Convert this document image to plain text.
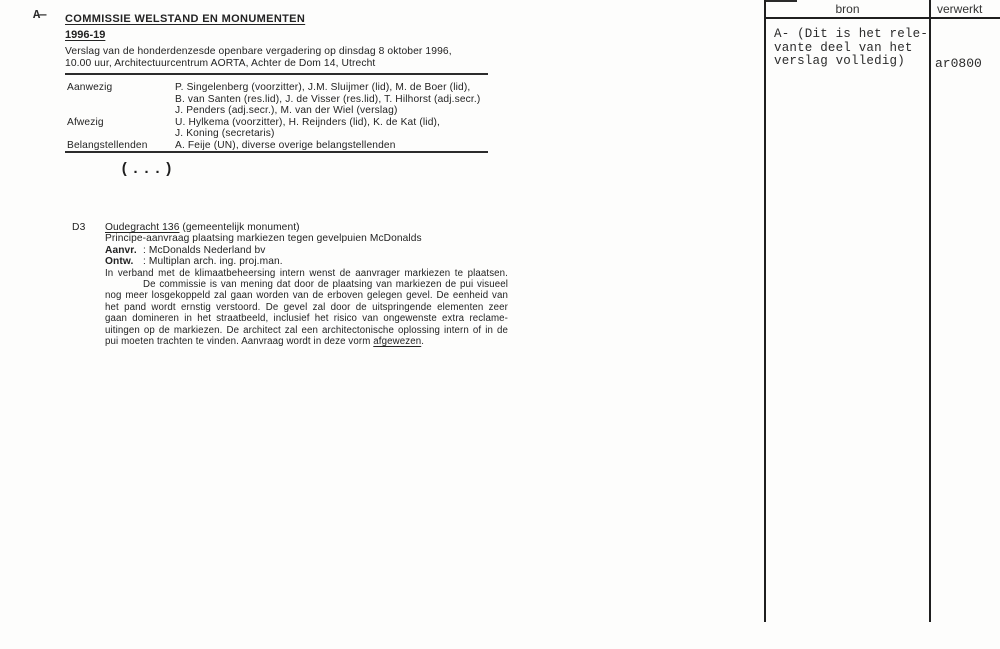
A— COMMISSIE WELSTAND EN MONUMENTEN
1996-19
Verslag van de honderdenzesde openbare vergadering op dinsdag 8 oktober 1996,
10.00 uur, Architectuurcentrum AORTA, Achter de Dom 14, Utrecht
Aanwezig	P. Singelenberg (voorzitter), J.M. Sluijmer (lid), M. de Boer (lid),
B. van Santen (res.lid), J. de Visser (res.lid), T. Hilhorst (adj.secr.)
J. Penders (adj.secr.), M. van der Wiel (verslag)
Afwezig	U. Hylkema (voorzitter), H. Reijnders (lid), K. de Kat (lid),
J. Koning (secretaris)
Belangstellenden	A. Feije (UN), diverse overige belangstellenden
(...)
D3 Oudegracht 136 (gemeentelijk monument)
Principe-aanvraag plaatsing markiezen tegen gevelpuien McDonalds
Aanvr. : McDonalds Nederland bv
Ontw. : Multiplan arch. ing. proj.man.
In verband met de klimaatbeheersing intern wenst de aanvrager markiezen te plaatsen.
De commissie is van mening dat door de plaatsing van markiezen de pui visueel
nog meer losgekoppeld zal gaan worden van de erboven gelegen gevel. De eenheid van
het pand wordt ernstig verstoord. De gevel zal door de uitspringende elementen zeer
gaan domineren in het straatbeeld, inclusief het risico van ongewenste extra reclame-
uitingen op de markiezen. De architect zal een architectonische oplossing intern of in de
pui moeten trachten te vinden. Aanvraag wordt in deze vorm afgewezen.
bron	verwerkt
A- (Dit is het rele-
vante deel van het
verslag volledig)	ar0800
